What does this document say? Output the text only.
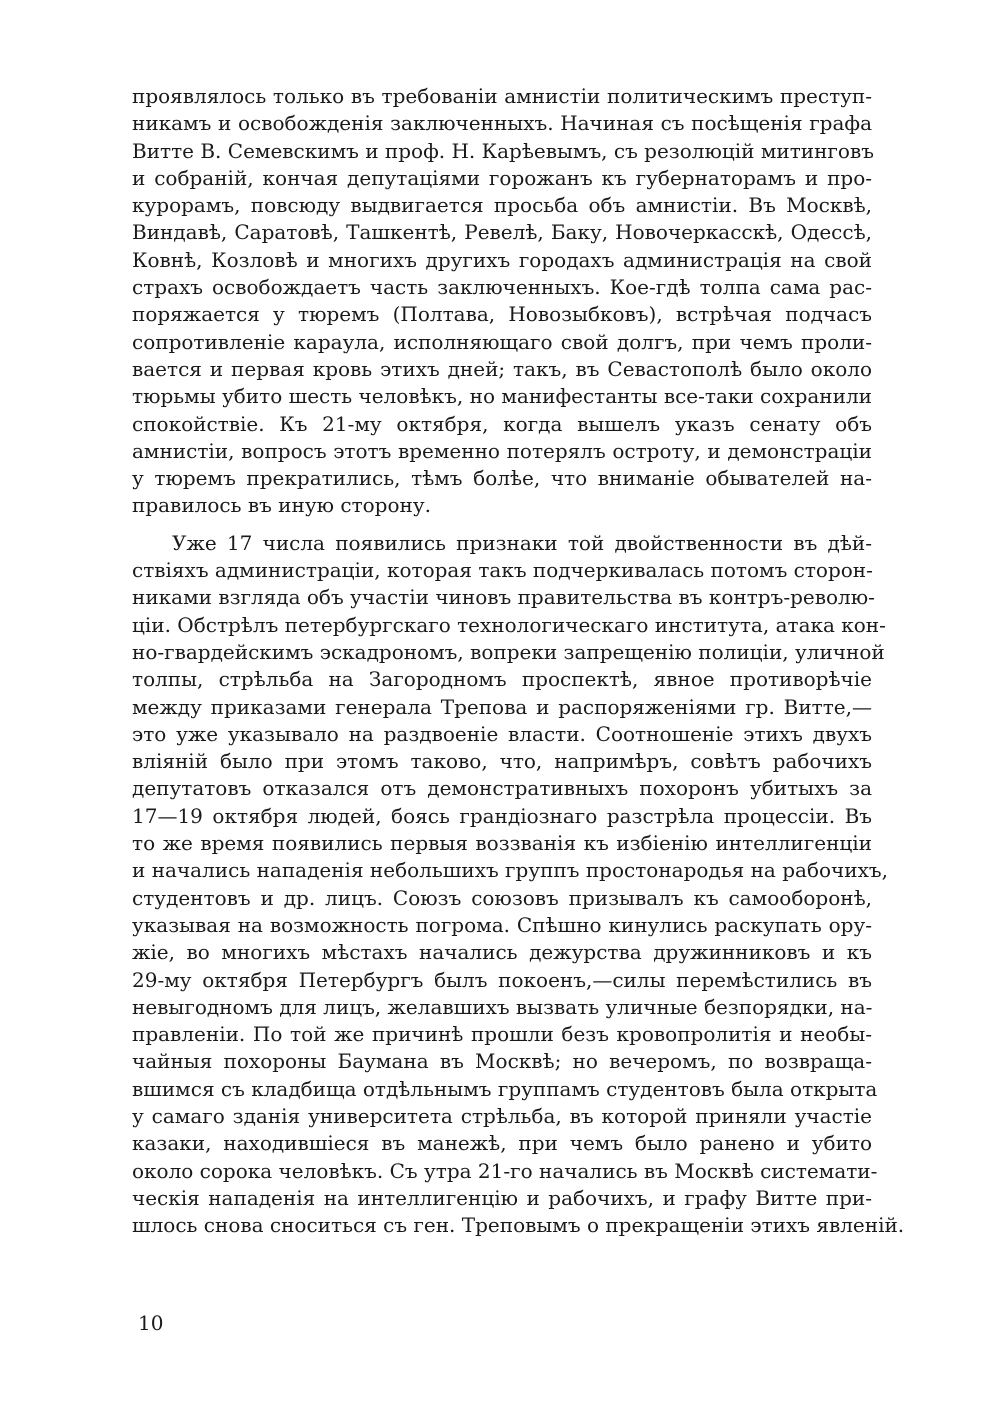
проявлялось только въ требованіи амнистіи политическимъ преступ-
никамъ и освобожденія заключенныхъ. Начиная съ посѣщенія графа
Витте В. Семевскимъ и проф. Н. Карѣевымъ, съ резолюцій митинговъ
и собраній, кончая депутаціями горожанъ къ губернаторамъ и про-
курорамъ, повсюду выдвигается просьба объ амнистіи. Въ Москвѣ,
Виндавѣ, Саратовѣ, Ташкентѣ, Ревелѣ, Баку, Новочеркасскѣ, Одессѣ,
Ковнѣ, Козловѣ и многихъ другихъ городахъ администрація на свой
страхъ освобождаетъ часть заключенныхъ. Кое-гдѣ толпа сама рас-
поряжается у тюремъ (Полтава, Новозыбковъ), встрѣчая подчасъ
сопротивленіе караула, исполняющаго свой долгъ, при чемъ проли-
вается и первая кровь этихъ дней; такъ, въ Севастополѣ было около
тюрьмы убито шесть человѣкъ, но манифестанты все-таки сохранили
спокойствіе. Къ 21-му октября, когда вышелъ указъ сенату объ
амнистіи, вопросъ этотъ временно потерялъ остроту, и демонстраціи
у тюремъ прекратились, тѣмъ болѣе, что вниманіе обывателей на-
правилось въ иную сторону.
Уже 17 числа появились признаки той двойственности въ дѣй-
ствіяхъ администраціи, которая такъ подчеркивалась потомъ сторон-
никами взгляда объ участіи чиновъ правительства въ контръ-револю-
ціи. Обстрѣлъ петербургскаго технологическаго института, атака кон-
но-гвардейскимъ эскадрономъ, вопреки запрещенію полиціи, уличной
толпы, стрѣльба на Загородномъ проспектѣ, явное противорѣчіе
между приказами генерала Трепова и распоряженіями гр. Витте,—
это уже указывало на раздвоеніе власти. Соотношеніе этихъ двухъ
вліяній было при этомъ таково, что, напримѣръ, совѣтъ рабочихъ
депутатовъ отказался отъ демонстративныхъ похоронъ убитыхъ за
17—19 октября людей, боясь грандіознаго разстрѣла процессіи. Въ
то же время появились первыя воззванія къ избіенію интеллигенціи
и начались нападенія небольшихъ группъ простонародья на рабочихъ,
студентовъ и др. лицъ. Союзъ союзовъ призывалъ къ самооборонѣ,
указывая на возможность погрома. Спѣшно кинулись раскупать ору-
жіе, во многихъ мѣстахъ начались дежурства дружинниковъ и къ
29-му октября Петербургъ былъ покоенъ,—силы перемѣстились въ
невыгодномъ для лицъ, желавшихъ вызвать уличные безпорядки, на-
правленіи. По той же причинѣ прошли безъ кровопролитія и необы-
чайныя похороны Баумана въ Москвѣ; но вечеромъ, по возвраща-
вшимся съ кладбища отдѣльнымъ группамъ студентовъ была открыта
у самаго зданія университета стрѣльба, въ которой приняли участіе
казаки, находившіеся въ манежѣ, при чемъ было ранено и убито
около сорока человѣкъ. Съ утра 21-го начались въ Москвѣ системати-
ческія нападенія на интеллигенцію и рабочихъ, и графу Витте при-
шлось снова сноситься съ ген. Треповымъ о прекращеніи этихъ явленій.
10
